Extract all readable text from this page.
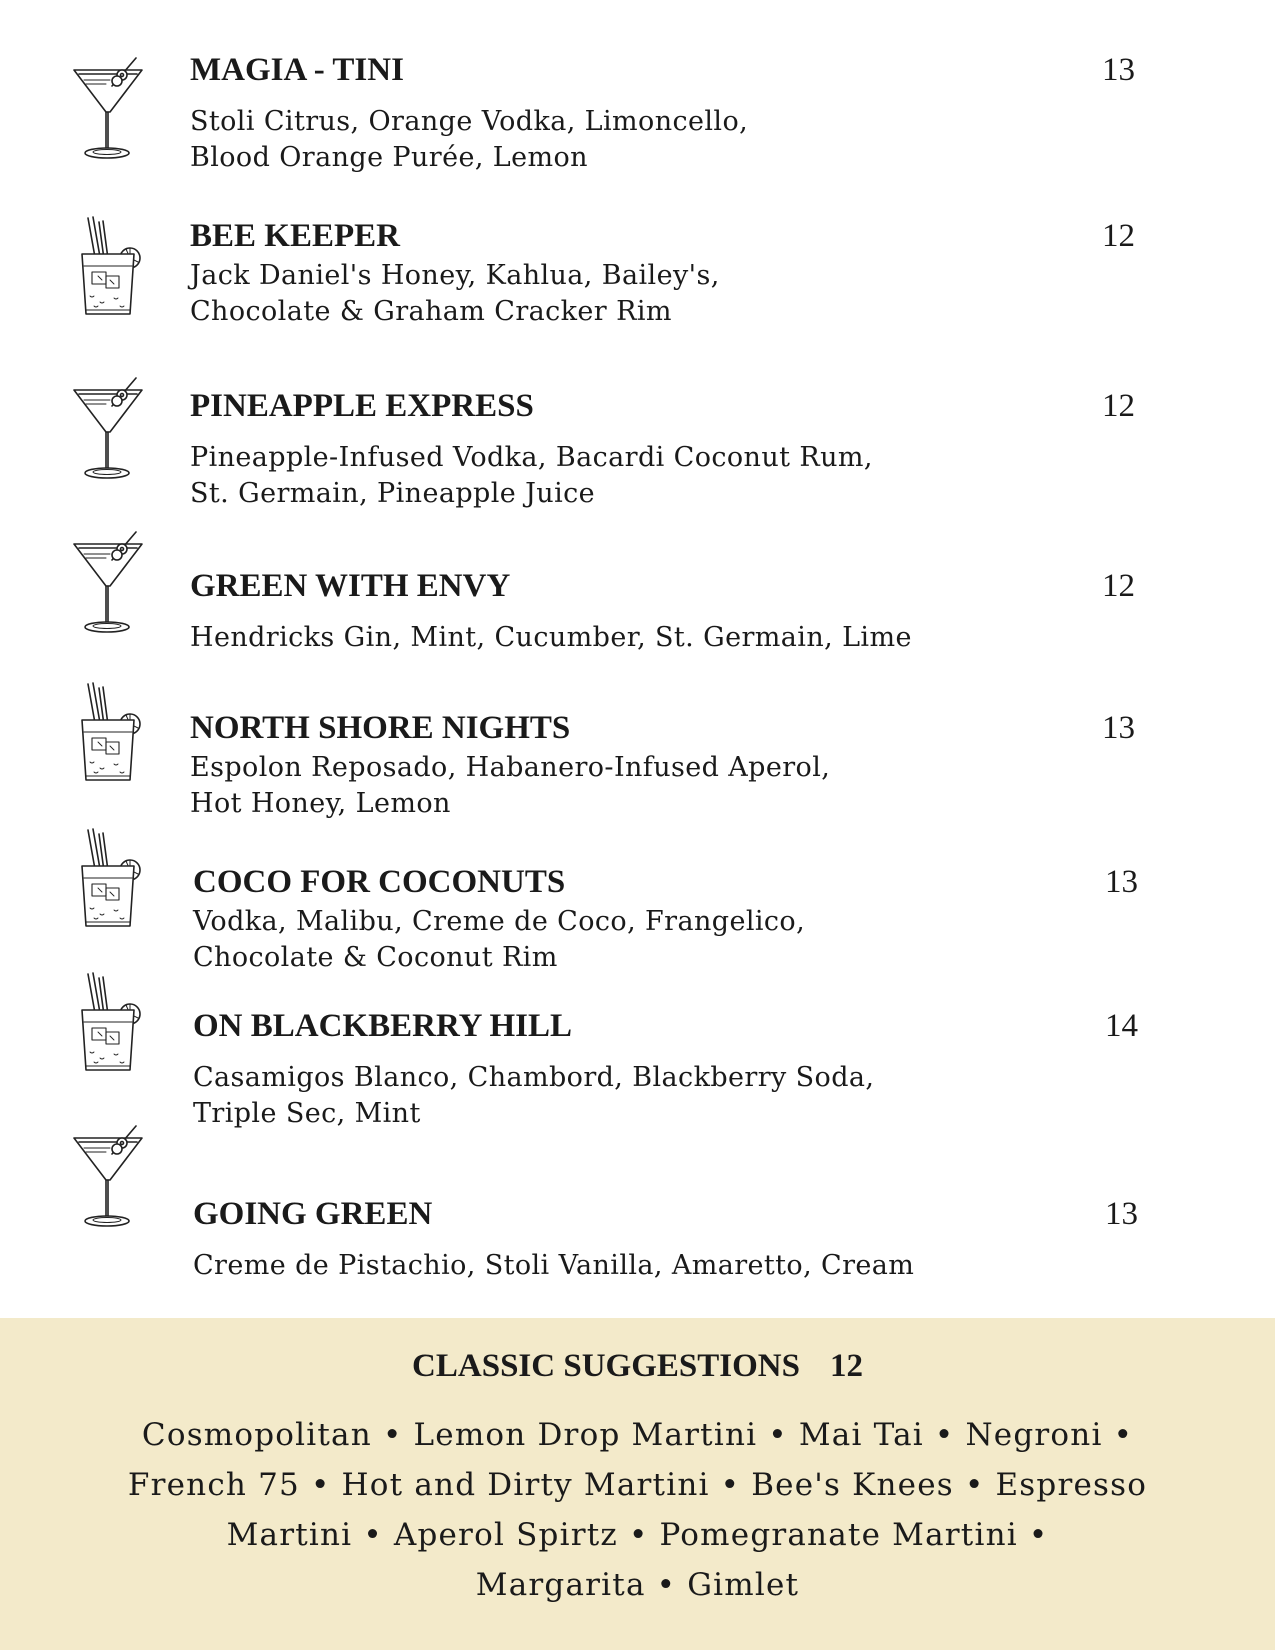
MAGIA - TINI	13

Stoli Citrus, Orange Vodka, Limoncello,
Blood Orange Purée, Lemon

BEE KEEPER	12

Jack Daniel's Honey, Kahlua, Bailey's,
Chocolate & Graham Cracker Rim

PINEAPPLE EXPRESS	12

Pineapple-Infused Vodka, Bacardi Coconut Rum,
St. Germain, Pineapple Juice

GREEN WITH ENVY	12

Hendricks Gin, Mint, Cucumber, St. Germain, Lime

NORTH SHORE NIGHTS	13

Espolon Reposado, Habanero-Infused Aperol,
Hot Honey, Lemon

COCO FOR COCONUTS	13

Vodka, Malibu, Creme de Coco, Frangelico,
Chocolate & Coconut Rim

ON BLACKBERRY HILL	14

Casamigos Blanco, Chambord, Blackberry Soda,
Triple Sec, Mint

GOING GREEN	13

Creme de Pistachio, Stoli Vanilla, Amaretto, Cream

CLASSIC SUGGESTIONS 12

Cosmopolitan • Lemon Drop Martini • Mai Tai • Negroni •
French 75 • Hot and Dirty Martini • Bee's Knees • Espresso
Martini • Aperol Spirtz • Pomegranate Martini •
Margarita • Gimlet
